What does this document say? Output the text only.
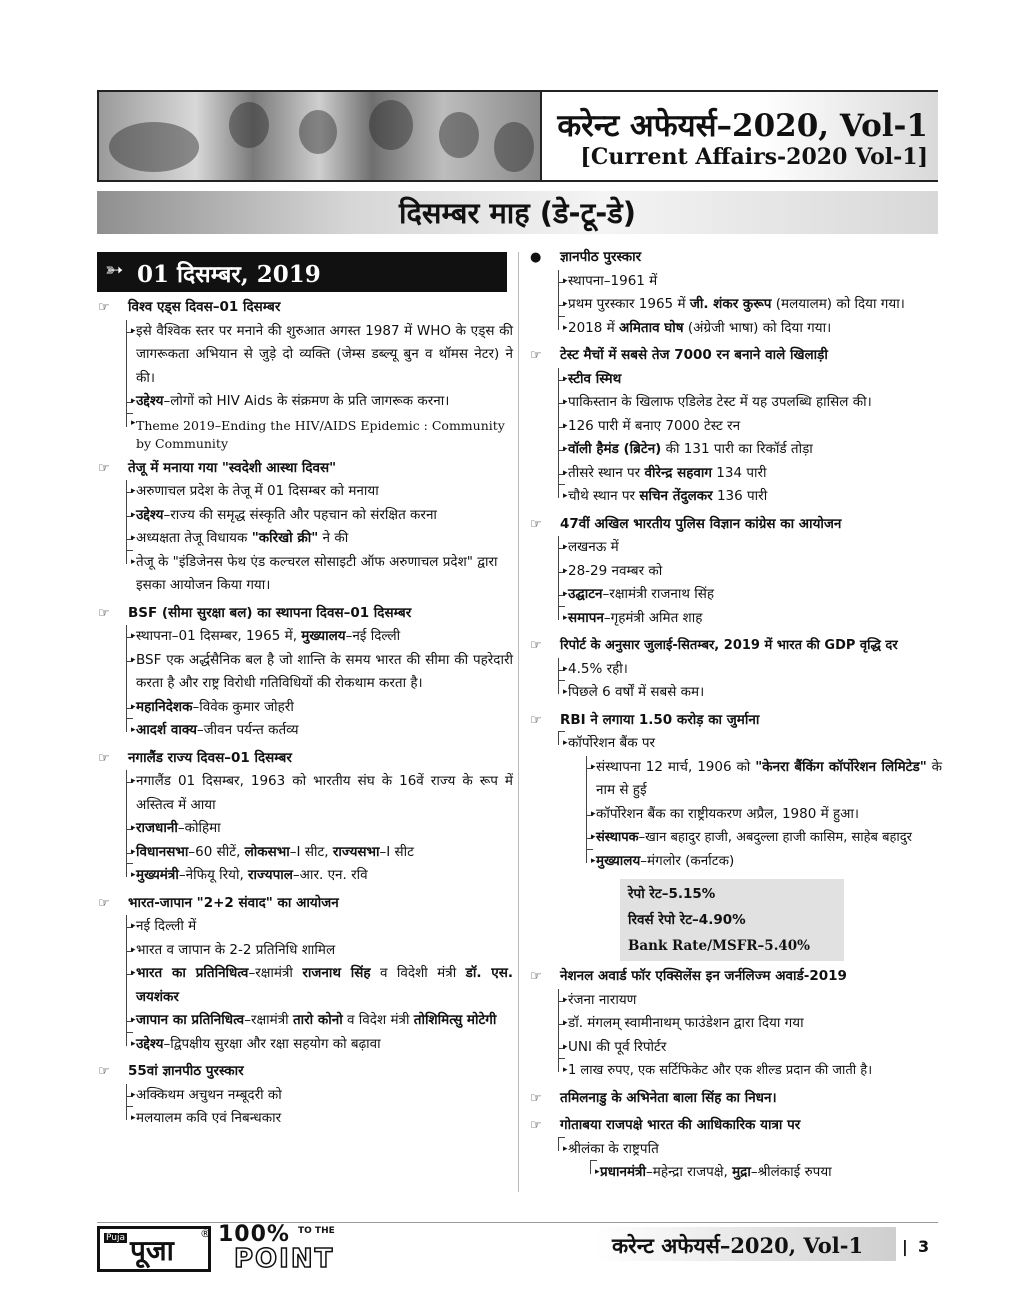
करेन्ट अफेयर्स–2020, Vol-1
[Current Affairs-2020 Vol-1]
दिसम्बर माह (डे-टू-डे)
➳ 01 दिसम्बर, 2019
☞ विश्व एड्स दिवस–01 दिसम्बर
इसे वैश्विक स्तर पर मनाने की शुरुआत अगस्त 1987 में WHO के एड्स की जागरूकता अभियान से जुड़े दो व्यक्ति (जेम्स डब्ल्यू बुन व थॉमस नेटर) ने की। ▸
उद्देश्य–लोगों को HIV Aids के संक्रमण के प्रति जागरूक करना। ▸
Theme 2019–Ending the HIV/AIDS Epidemic : Community by Community ▸
☞ तेजू में मनाया गया "स्वदेशी आस्था दिवस"
अरुणाचल प्रदेश के तेजू में 01 दिसम्बर को मनाया ▸
उद्देश्य–राज्य की समृद्ध संस्कृति और पहचान को संरक्षित करना ▸
अध्यक्षता तेजू विधायक "करिखो क्री" ने की ▸
तेजू के "इंडिजेनस फेथ एंड कल्चरल सोसाइटी ऑफ अरुणाचल प्रदेश" द्वारा इसका आयोजन किया गया। ▸
☞ BSF (सीमा सुरक्षा बल) का स्थापना दिवस–01 दिसम्बर
स्थापना–01 दिसम्बर, 1965 में, मुख्यालय–नई दिल्ली ▸
BSF एक अर्द्धसैनिक बल है जो शान्ति के समय भारत की सीमा की पहरेदारी करता है और राष्ट्र विरोधी गतिविधियों की रोकथाम करता है। ▸
महानिदेशक–विवेक कुमार जोहरी ▸
आदर्श वाक्य–जीवन पर्यन्त कर्तव्य ▸
☞ नगालैंड राज्य दिवस–01 दिसम्बर
नगालैंड 01 दिसम्बर, 1963 को भारतीय संघ के 16वें राज्य के रूप में अस्तित्व में आया ▸
राजधानी–कोहिमा ▸
विधानसभा–60 सीटें, लोकसभा–I सीट, राज्यसभा–I सीट ▸
मुख्यमंत्री–नेफियू रियो, राज्यपाल–आर. एन. रवि ▸
☞ भारत-जापान "2+2 संवाद" का आयोजन
नई दिल्ली में ▸
भारत व जापान के 2-2 प्रतिनिधि शामिल ▸
भारत का प्रतिनिधित्व–रक्षामंत्री राजनाथ सिंह व विदेशी मंत्री डॉ. एस. जयशंकर ▸
जापान का प्रतिनिधित्व–रक्षामंत्री तारो कोनो व विदेश मंत्री तोशिमित्सु मोटेगी ▸
उद्देश्य–द्विपक्षीय सुरक्षा और रक्षा सहयोग को बढ़ावा ▸
☞ 55वां ज्ञानपीठ पुरस्कार
अक्किथम अचुथन नम्बूदरी को ▸
मलयालम कवि एवं निबन्धकार ▸
● ज्ञानपीठ पुरस्कार
स्थापना–1961 में ▸
प्रथम पुरस्कार 1965 में जी. शंकर कुरूप (मलयालम) को दिया गया। ▸
2018 में अमिताव घोष (अंग्रेजी भाषा) को दिया गया। ▸
☞ टेस्ट मैचों में सबसे तेज 7000 रन बनाने वाले खिलाड़ी
स्टीव स्मिथ ▸
पाकिस्तान के खिलाफ एडिलेड टेस्ट में यह उपलब्धि हासिल की। ▸
126 पारी में बनाए 7000 टेस्ट रन ▸
वॉली हैमंड (ब्रिटेन) की 131 पारी का रिकॉर्ड तोड़ा ▸
तीसरे स्थान पर वीरेन्द्र सहवाग 134 पारी ▸
चौथे स्थान पर सचिन तेंदुलकर 136 पारी ▸
☞ 47वीं अखिल भारतीय पुलिस विज्ञान कांग्रेस का आयोजन
लखनऊ में ▸
28-29 नवम्बर को ▸
उद्घाटन–रक्षामंत्री राजनाथ सिंह ▸
समापन–गृहमंत्री अमित शाह ▸
☞ रिपोर्ट के अनुसार जुलाई-सितम्बर, 2019 में भारत की GDP वृद्धि दर
4.5% रही। ▸
पिछले 6 वर्षों में सबसे कम। ▸
☞ RBI ने लगाया 1.50 करोड़ का जुर्माना
कॉर्पोरेशन बैंक पर
संस्थापना 12 मार्च, 1906 को "केनरा बैंकिंग कॉर्पोरेशन लिमिटेड" के नाम से हुई ▸
कॉर्पोरेशन बैंक का राष्ट्रीयकरण अप्रैल, 1980 में हुआ। ▸
संस्थापक–खान बहादुर हाजी, अबदुल्ला हाजी कासिम, साहेब बहादुर ▸
मुख्यालय–मंगलोर (कर्नाटक) ▸
▸
रेपो रेट–5.15%
रिवर्स रेपो रेट–4.90%
Bank Rate/MSFR–5.40%
☞ नेशनल अवार्ड फॉर एक्सिलेंस इन जर्नलिज्म अवार्ड-2019
रंजना नारायण ▸
डॉ. मंगलम् स्वामीनाथम् फाउंडेशन द्वारा दिया गया ▸
UNI की पूर्व रिपोर्टर ▸
1 लाख रुपए, एक सर्टिफिकेट और एक शील्ड प्रदान की जाती है। ▸
☞ तमिलनाडु के अभिनेता बाला सिंह का निधन।
☞ गोताबया राजपक्षे भारत की आधिकारिक यात्रा पर
श्रीलंका के राष्ट्रपति
प्रधानमंत्री–महेन्द्रा राजपक्षे, मुद्रा–श्रीलंकाई रुपया ▸
▸
Puja पूजा
® 100% TO THE
POINT	करेन्ट अफेयर्स–2020, Vol-1 | 3
